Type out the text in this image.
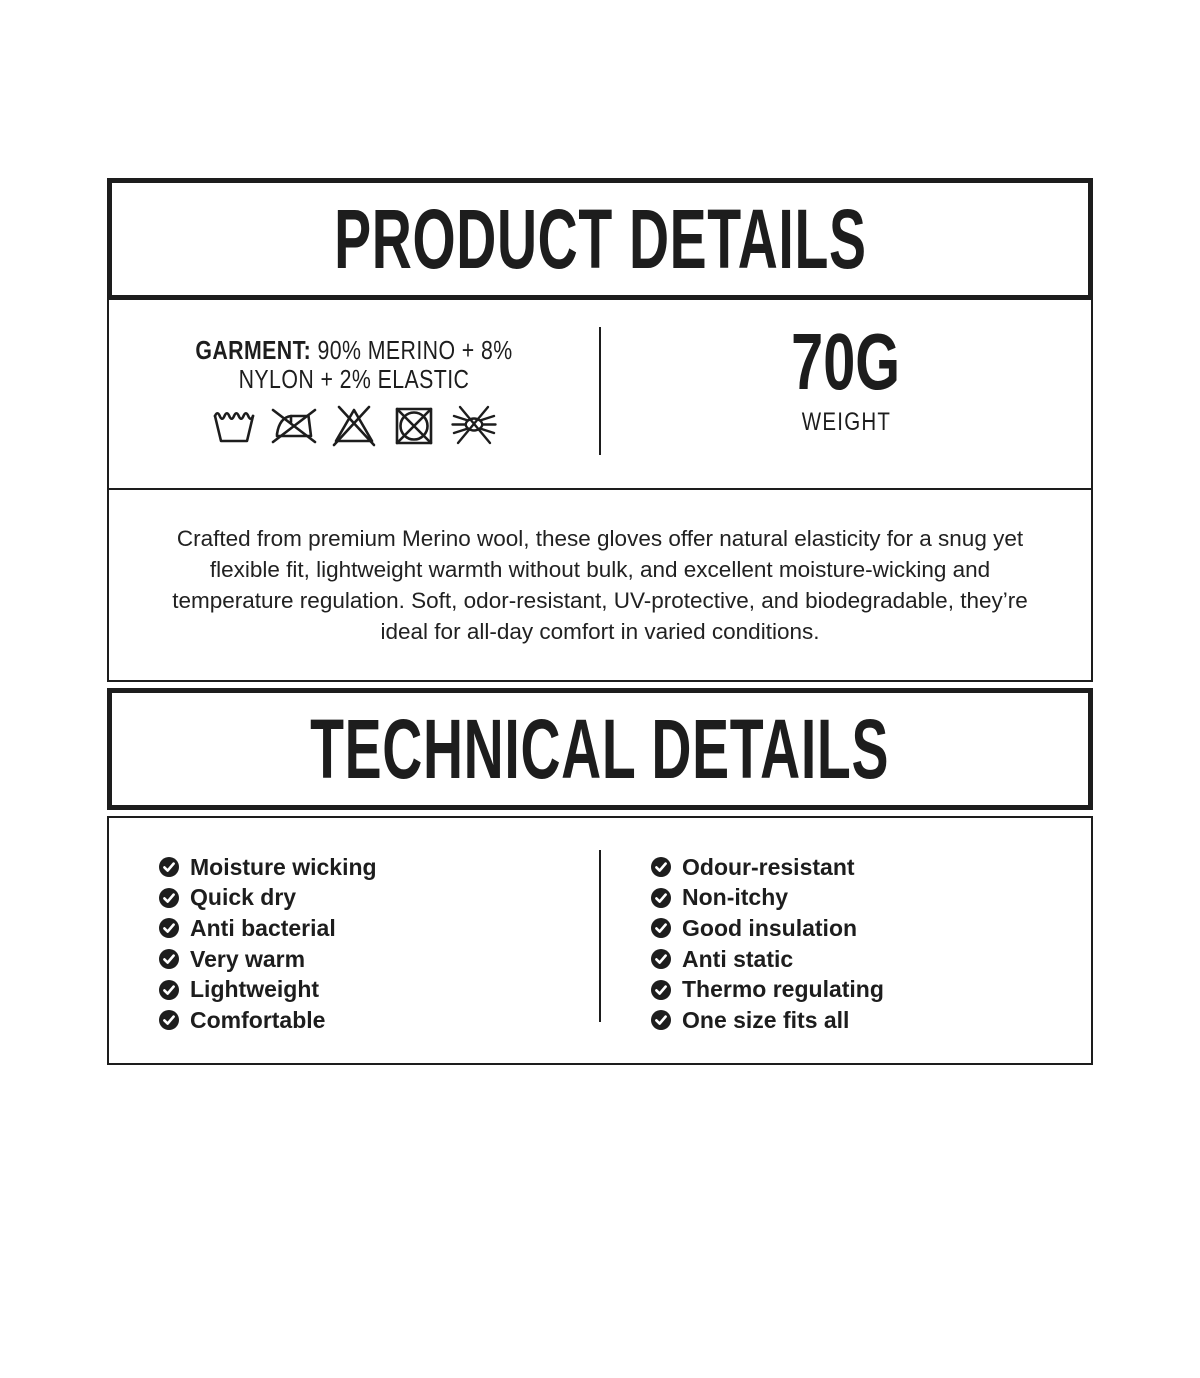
PRODUCT DETAILS
GARMENT: 90% MERINO + 8% NYLON + 2% ELASTIC	70G
WEIGHT

Crafted from premium Merino wool, these gloves offer natural elasticity for a snug yet flexible fit, lightweight warmth without bulk, and excellent moisture-wicking and temperature regulation. Soft, odor-resistant, UV-protective, and biodegradable, they’re ideal for all-day comfort in varied conditions.

TECHNICAL DETAILS
Moisture wicking
Quick dry
Anti bacterial
Very warm
Lightweight
Comfortable
Odour-resistant
Non-itchy
Good insulation
Anti static
Thermo regulating
One size fits all
